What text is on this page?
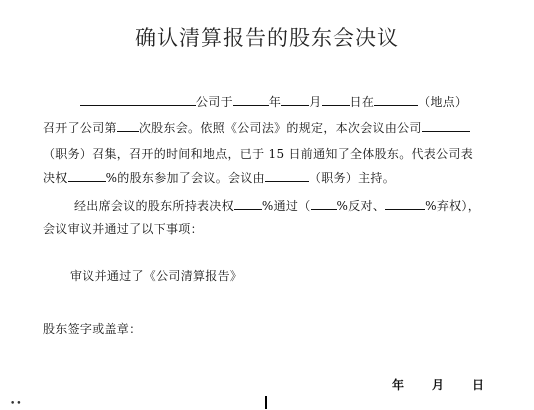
确认清算报告的股东会决议
公司于	年 月 日在	（地点）
召开了公司第 次股东会。依照《公司法》的规定，本次会议由公司
（职务）召集，召开的时间和地点，已于 15 日前通知了全体股东。代表公司表
决权	%的股东参加了会议。会议由	（职务）主持。
经出席会议的股东所持表决权 %通过（ %反对、	%弃权），
会议审议并通过了以下事项：
审议并通过了《公司清算报告》
股东签字或盖章：
年 月 日
••
